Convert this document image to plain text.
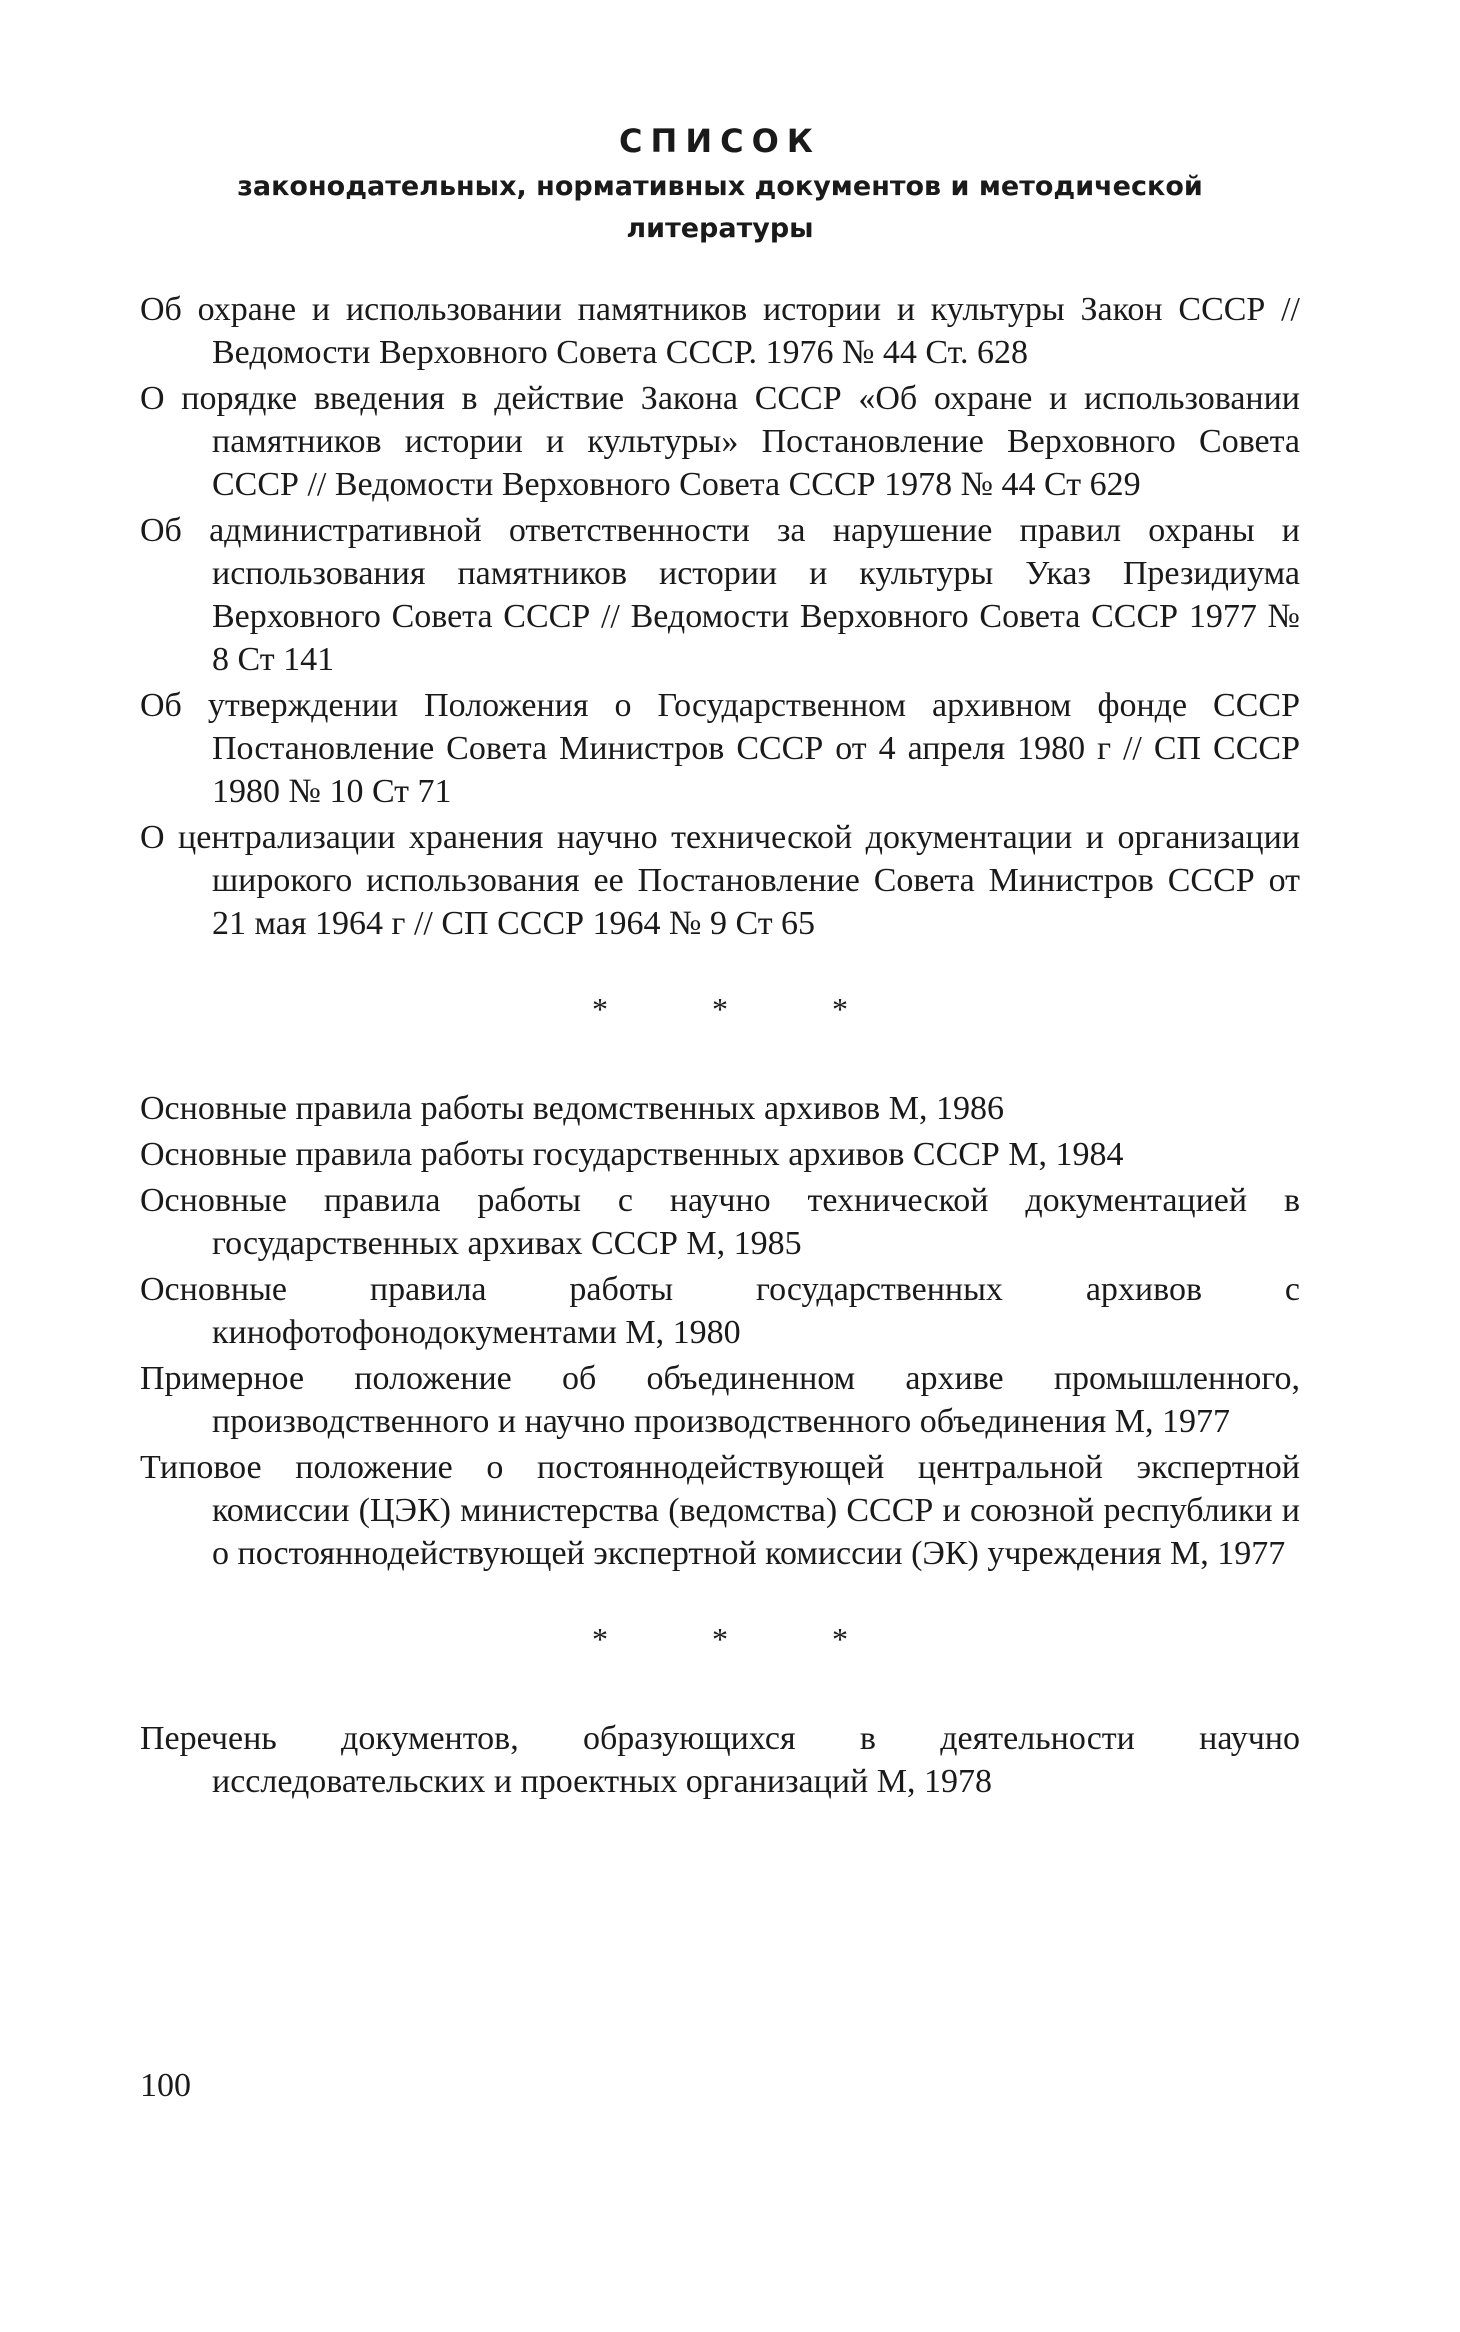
СПИСОК
законодательных, нормативных документов и методической
литературы

Об охране и использовании памятников истории и культуры Закон СССР // Ведомости Верховного Совета СССР. 1976 № 44 Ст. 628

О порядке введения в действие Закона СССР «Об охране и использовании памятников истории и культуры» Постановление Верховного Совета СССР // Ведомости Верховного Совета СССР 1978 № 44 Ст 629

Об административной ответственности за нарушение правил охраны и использования памятников истории и культуры Указ Президиума Верховного Совета СССР // Ведомости Верховного Совета СССР 1977 № 8 Ст 141

Об утверждении Положения о Государственном архивном фонде СССР Постановление Совета Министров СССР от 4 апреля 1980 г // СП СССР 1980 № 10 Ст 71

О централизации хранения научно технической документации и организации широкого использования ее Постановление Совета Министров СССР от 21 мая 1964 г // СП СССР 1964 № 9 Ст 65

* * *

Основные правила работы ведомственных архивов М, 1986

Основные правила работы государственных архивов СССР М, 1984

Основные правила работы с научно технической документацией в государственных архивах СССР М, 1985

Основные правила работы государственных архивов с кинофотофонодокументами М, 1980

Примерное положение об объединенном архиве промышленного, производственного и научно производственного объединения М, 1977

Типовое положение о постояннодействующей центральной экспертной комиссии (ЦЭК) министерства (ведомства) СССР и союзной республики и о постояннодействующей экспертной комиссии (ЭК) учреждения М, 1977

* * *

Перечень документов, образующихся в деятельности научно исследовательских и проектных организаций М, 1978

100
